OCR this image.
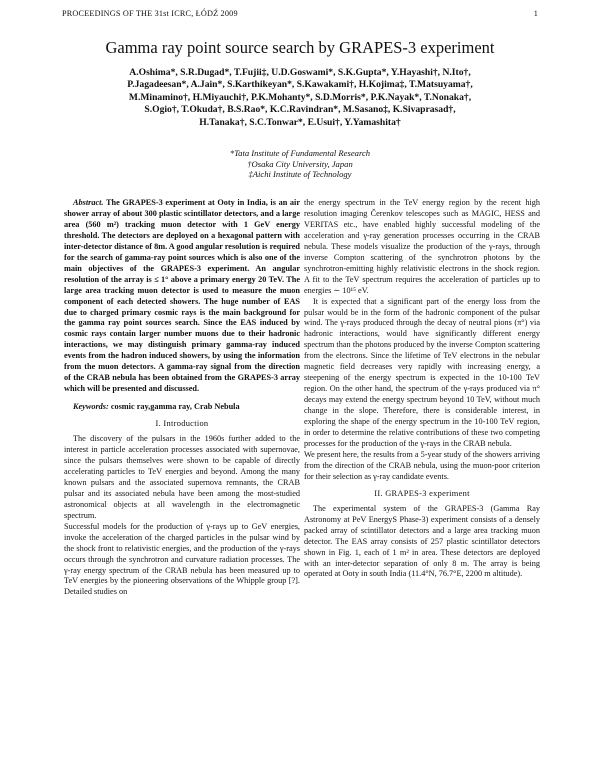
PROCEEDINGS OF THE 31st ICRC, ŁÓDŹ 2009	1
Gamma ray point source search by GRAPES-3 experiment
A.Oshima*, S.R.Dugad*, T.Fujii‡, U.D.Goswami*, S.K.Gupta*, Y.Hayashi†, N.Ito†,
P.Jagadeesan*, A.Jain*, S.Karthikeyan*, S.Kawakami†, H.Kojima‡, T.Matsuyama†,
M.Minamino†, H.Miyauchi†, P.K.Mohanty*, S.D.Morris*, P.K.Nayak*, T.Nonaka†,
S.Ogio†, T.Okuda†, B.S.Rao*, K.C.Ravindran*, M.Sasano‡, K.Sivaprasad†,
H.Tanaka†, S.C.Tonwar*, E.Usui†, Y.Yamashita†
*Tata Institute of Fundamental Research
†Osaka City University, Japan
‡Aichi Institute of Technology

Abstract. The GRAPES-3 experiment at Ooty in India, is an air shower array of about 300 plastic scintillator detectors, and a large area (560 m²) tracking muon detector with 1 GeV energy threshold. The detectors are deployed on a hexagonal pattern with inter-detector distance of 8m. A good angular resolution is required for the search of gamma-ray point sources which is also one of the main objectives of the GRAPES-3 experiment. An angular resolution of the array is ≤ 1° above a primary energy 20 TeV. The large area tracking muon detector is used to measure the muon component of each detected showers. The huge number of EAS due to charged primary cosmic rays is the main background for the gamma ray point sources search. Since the EAS induced by cosmic rays contain larger number muons due to their hadronic interactions, we may distinguish primary gamma-ray induced events from the hadron induced showers, by using the information from the muon detectors. A gamma-ray signal from the direction of the CRAB nebula has been obtained from the GRAPES-3 array which will be presented and discussed.

Keywords: cosmic ray,gamma ray, Crab Nebula

I. Introduction

The discovery of the pulsars in the 1960s further added to the interest in particle acceleration processes associated with supernovae, since the pulsars themselves were shown to be capable of directly accelerating particles to TeV energies and beyond. Among the many known pulsars and the associated supernova remnants, the CRAB pulsar and its associated nebula have been among the most-studied astronomical objects at all wavelength in the electromagnetic spectrum.

Successful models for the production of γ-rays up to GeV energies, invoke the acceleration of the charged particles in the pulsar wind by the shock front to relativistic energies, and the production of the γ-rays occurs through the synchrotron and curvature radiation processes. The γ-ray energy spectrum of the CRAB nebula has been measured up to TeV energies by the pioneering observations of the Whipple group [?]. Detailed studies on

the energy spectrum in the TeV energy region by the recent high resolution imaging Čerenkov telescopes such as MAGIC, HESS and VERITAS etc., have enabled highly successful modeling of the acceleration and γ-ray generation processes occurring in the CRAB nebula. These models visualize the production of the γ-rays, through inverse Compton scattering of the synchrotron photons by the synchrotron-emitting highly relativistic electrons in the shock region. A fit to the TeV spectrum requires the acceleration of particles up to energies ∼ 10¹⁵ eV.

It is expected that a significant part of the energy loss from the pulsar would be in the form of the hadronic component of the pulsar wind. The γ-rays produced through the decay of neutral pions (π°) via hadronic interactions, would have significantly different energy spectrum than the photons produced by the inverse Compton scattering from the electrons. Since the lifetime of TeV electrons in the nebular magnetic field decreases very rapidly with increasing energy, a steepening of the energy spectrum is expected in the 10-100 TeV region. On the other hand, the spectrum of the γ-rays produced via π° decays may extend the energy spectrum beyond 10 TeV, without much change in the slope. Therefore, there is considerable interest, in exploring the shape of the energy spectrum in the 10-100 TeV region, in order to determine the relative contributions of these two competing processes for the production of the γ-rays in the CRAB nebula.

We present here, the results from a 5-year study of the showers arriving from the direction of the CRAB nebula, using the muon-poor criterion for their selection as γ-ray candidate events.

II. GRAPES-3 experiment

The experimental system of the GRAPES-3 (Gamma Ray Astronomy at PeV EnergyS Phase-3) experiment consists of a densely packed array of scintillator detectors and a large area tracking muon detector. The EAS array consists of 257 plastic scintillator detectors shown in Fig. 1, each of 1 m² in area. These detectors are deployed with an inter-detector separation of only 8 m. The array is being operated at Ooty in south India (11.4°N, 76.7°E, 2200 m altitude).
